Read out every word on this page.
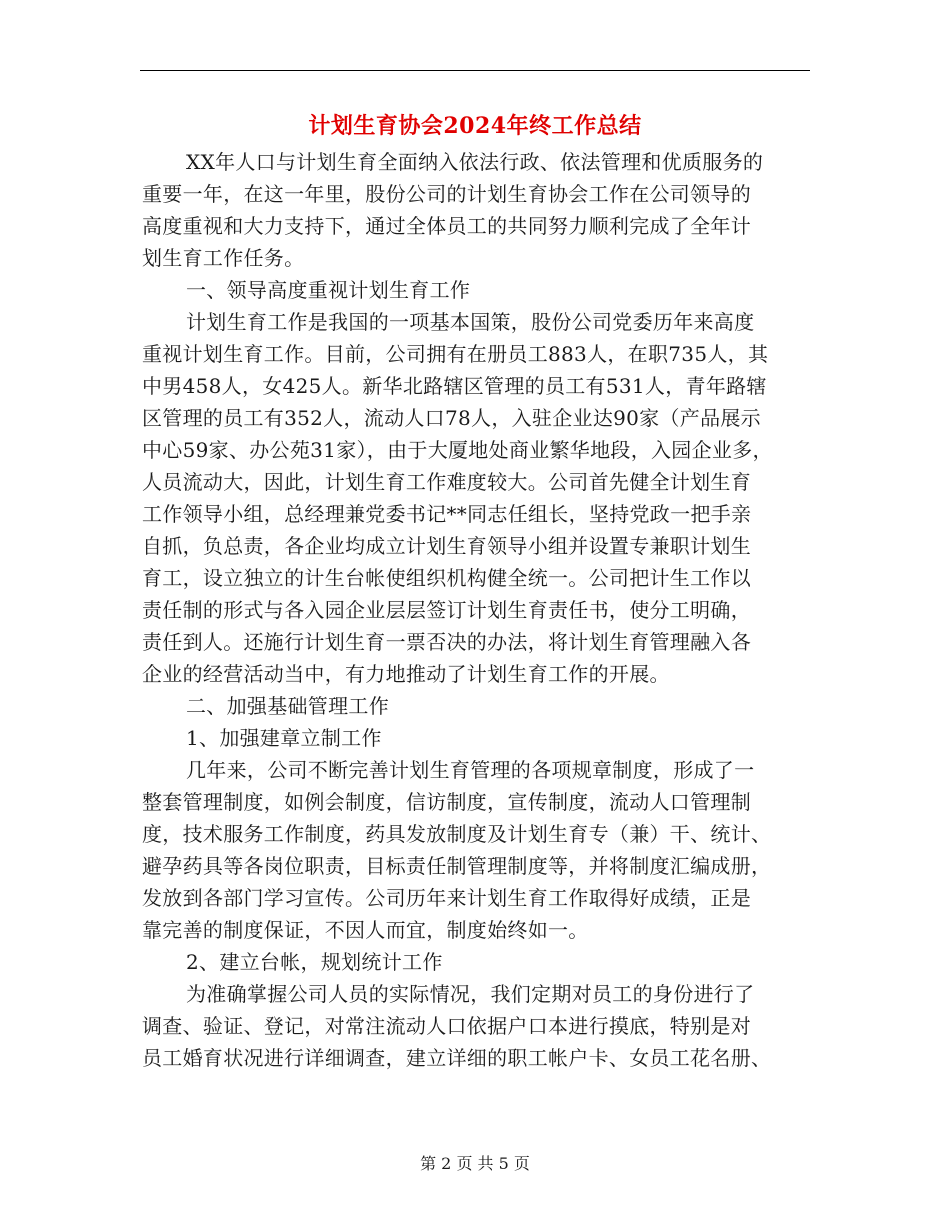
计划生育协会2024年终工作总结
XX年人口与计划生育全面纳入依法行政、依法管理和优质服务的
重要一年，在这一年里，股份公司的计划生育协会工作在公司领导的
高度重视和大力支持下，通过全体员工的共同努力顺利完成了全年计
划生育工作任务。
一、领导高度重视计划生育工作
计划生育工作是我国的一项基本国策，股份公司党委历年来高度
重视计划生育工作。目前，公司拥有在册员工883人，在职735人，其
中男458人，女425人。新华北路辖区管理的员工有531人，青年路辖
区管理的员工有352人，流动人口78人，入驻企业达90家（产品展示
中心59家、办公苑31家），由于大厦地处商业繁华地段，入园企业多，
人员流动大，因此，计划生育工作难度较大。公司首先健全计划生育
工作领导小组，总经理兼党委书记**同志任组长，坚持党政一把手亲
自抓，负总责，各企业均成立计划生育领导小组并设置专兼职计划生
育工，设立独立的计生台帐使组织机构健全统一。公司把计生工作以
责任制的形式与各入园企业层层签订计划生育责任书，使分工明确，
责任到人。还施行计划生育一票否决的办法，将计划生育管理融入各
企业的经营活动当中，有力地推动了计划生育工作的开展。
二、加强基础管理工作
1、加强建章立制工作
几年来，公司不断完善计划生育管理的各项规章制度，形成了一
整套管理制度，如例会制度，信访制度，宣传制度，流动人口管理制
度，技术服务工作制度，药具发放制度及计划生育专（兼）干、统计、
避孕药具等各岗位职责，目标责任制管理制度等，并将制度汇编成册，
发放到各部门学习宣传。公司历年来计划生育工作取得好成绩，正是
靠完善的制度保证，不因人而宜，制度始终如一。
2、建立台帐，规划统计工作
为准确掌握公司人员的实际情况，我们定期对员工的身份进行了
调查、验证、登记，对常注流动人口依据户口本进行摸底，特别是对
员工婚育状况进行详细调查，建立详细的职工帐户卡、女员工花名册、
第 2 页 共 5 页
